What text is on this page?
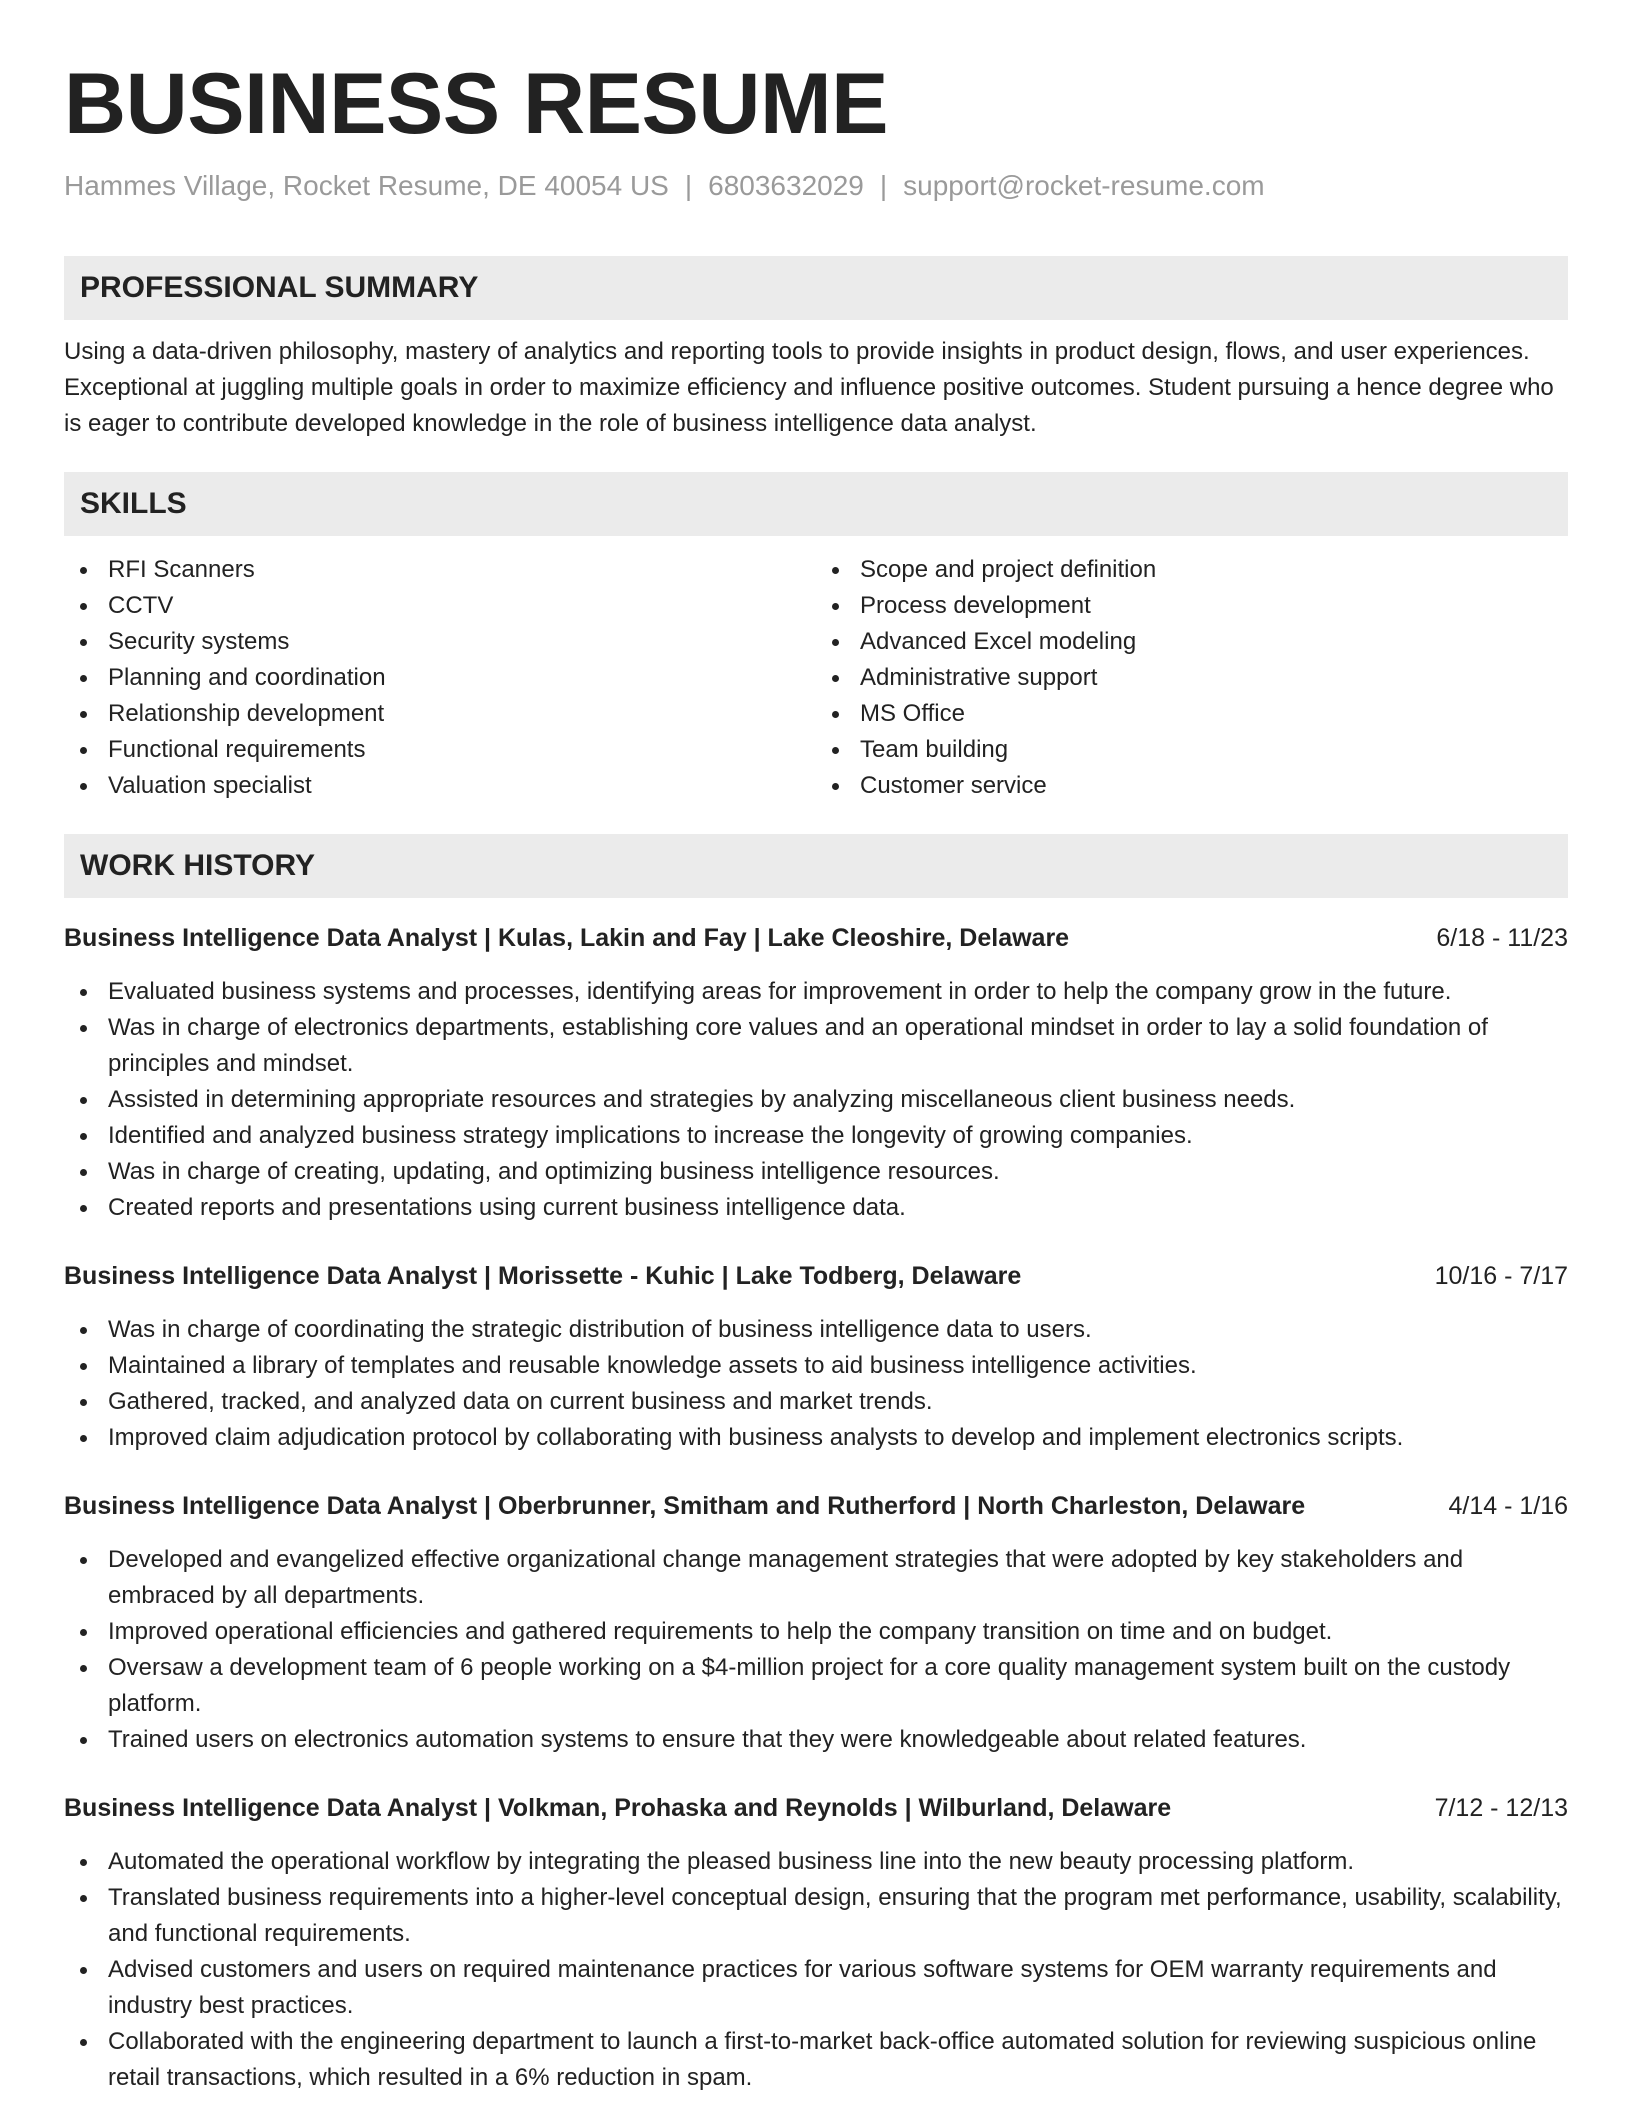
BUSINESS RESUME
Hammes Village, Rocket Resume, DE 40054 US | 6803632029 | support@rocket-resume.com
PROFESSIONAL SUMMARY
Using a data-driven philosophy, mastery of analytics and reporting tools to provide insights in product design, flows, and user experiences. Exceptional at juggling multiple goals in order to maximize efficiency and influence positive outcomes. Student pursuing a hence degree who is eager to contribute developed knowledge in the role of business intelligence data analyst.
SKILLS
RFI Scanners
CCTV
Security systems
Planning and coordination
Relationship development
Functional requirements
Valuation specialist
Scope and project definition
Process development
Advanced Excel modeling
Administrative support
MS Office
Team building
Customer service
WORK HISTORY
Business Intelligence Data Analyst | Kulas, Lakin and Fay | Lake Cleoshire, Delaware	6/18 - 11/23
Evaluated business systems and processes, identifying areas for improvement in order to help the company grow in the future.
Was in charge of electronics departments, establishing core values and an operational mindset in order to lay a solid foundation of principles and mindset.
Assisted in determining appropriate resources and strategies by analyzing miscellaneous client business needs.
Identified and analyzed business strategy implications to increase the longevity of growing companies.
Was in charge of creating, updating, and optimizing business intelligence resources.
Created reports and presentations using current business intelligence data.
Business Intelligence Data Analyst | Morissette - Kuhic | Lake Todberg, Delaware	10/16 - 7/17
Was in charge of coordinating the strategic distribution of business intelligence data to users.
Maintained a library of templates and reusable knowledge assets to aid business intelligence activities.
Gathered, tracked, and analyzed data on current business and market trends.
Improved claim adjudication protocol by collaborating with business analysts to develop and implement electronics scripts.
Business Intelligence Data Analyst | Oberbrunner, Smitham and Rutherford | North Charleston, Delaware	4/14 - 1/16
Developed and evangelized effective organizational change management strategies that were adopted by key stakeholders and embraced by all departments.
Improved operational efficiencies and gathered requirements to help the company transition on time and on budget.
Oversaw a development team of 6 people working on a $4-million project for a core quality management system built on the custody platform.
Trained users on electronics automation systems to ensure that they were knowledgeable about related features.
Business Intelligence Data Analyst | Volkman, Prohaska and Reynolds | Wilburland, Delaware	7/12 - 12/13
Automated the operational workflow by integrating the pleased business line into the new beauty processing platform.
Translated business requirements into a higher-level conceptual design, ensuring that the program met performance, usability, scalability, and functional requirements.
Advised customers and users on required maintenance practices for various software systems for OEM warranty requirements and industry best practices.
Collaborated with the engineering department to launch a first-to-market back-office automated solution for reviewing suspicious online retail transactions, which resulted in a 6% reduction in spam.
